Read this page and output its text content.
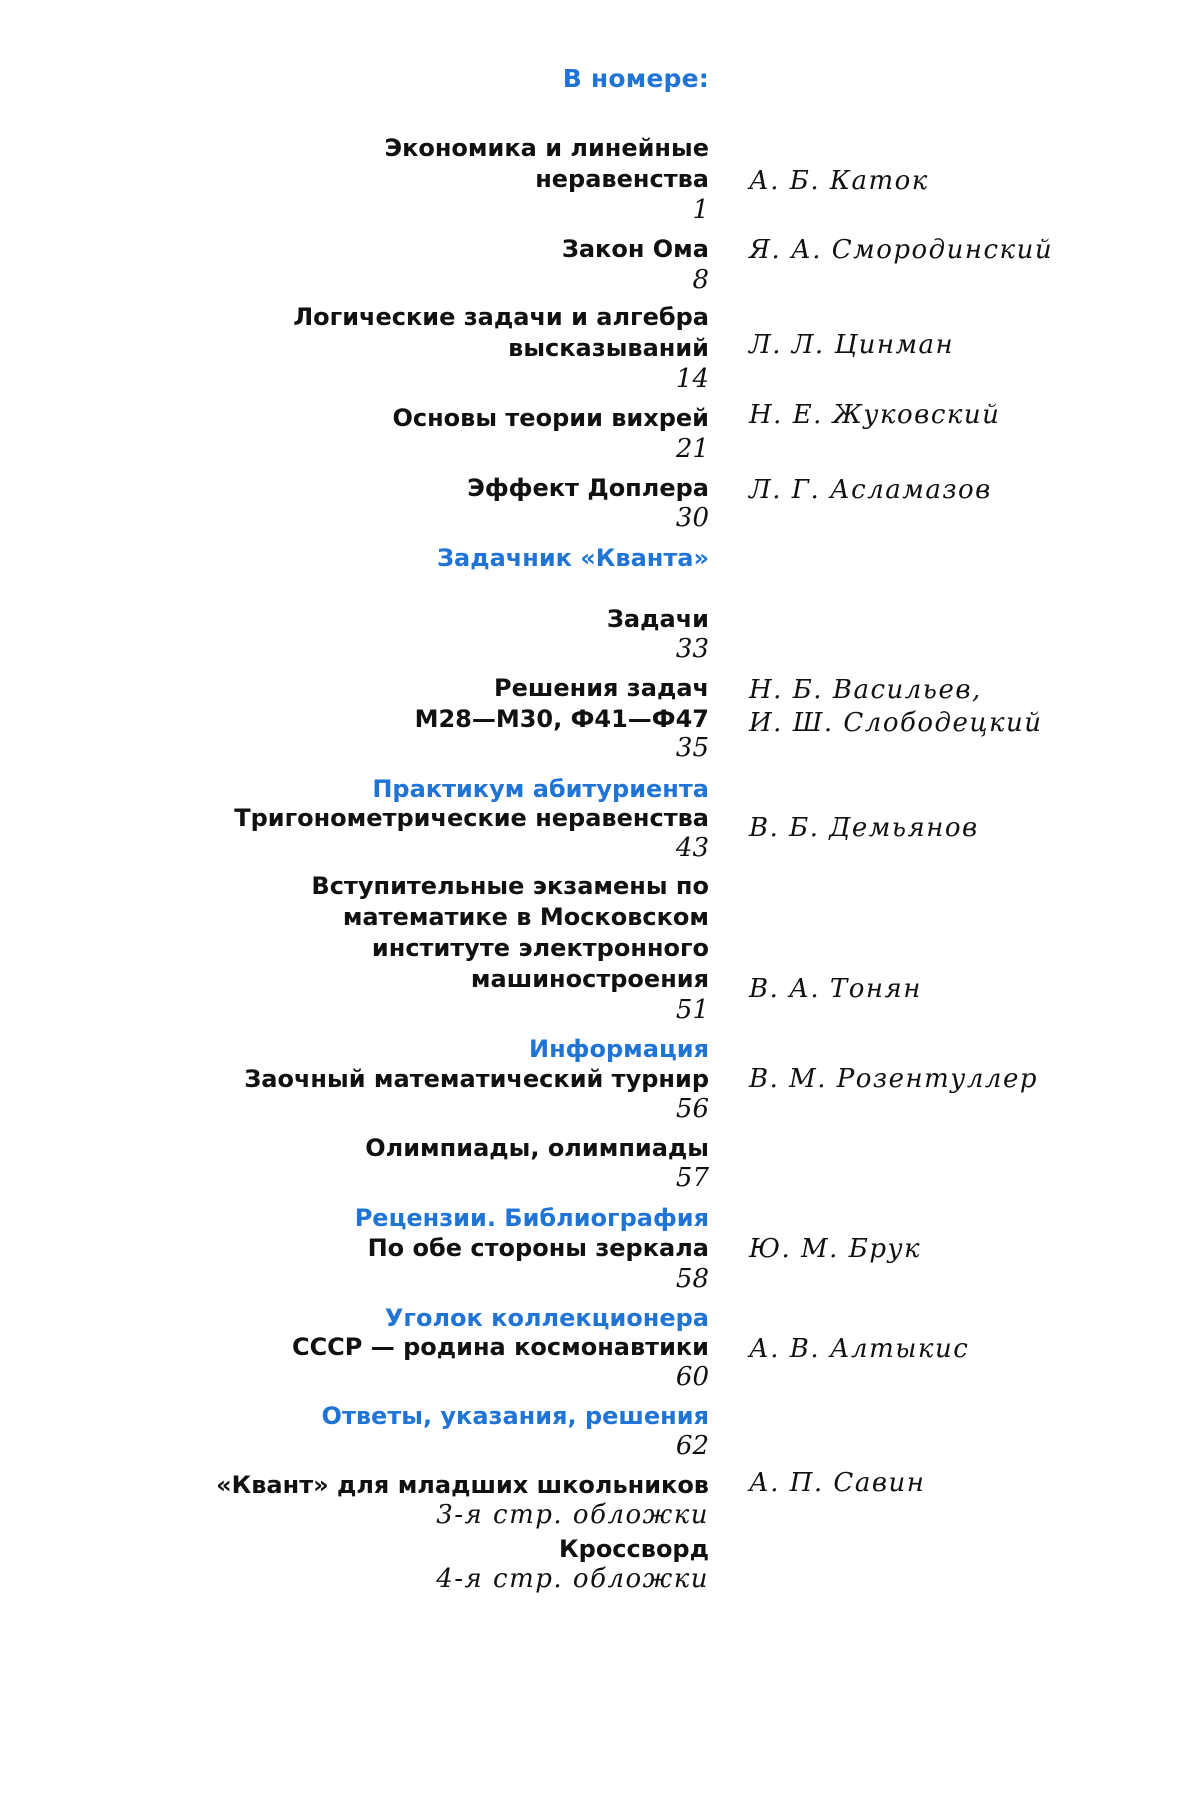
В номере:
Экономика и линейные
неравенства А. Б. Каток
1
Закон Ома Я. А. Смородинский
8
Логические задачи и алгебра
высказываний Л. Л. Цинман
14
Основы теории вихрей Н. Е. Жуковский
21
Эффект Доплера Л. Г. Асламазов
30
Задачник «Кванта»
Задачи
33
Решения задач
М28—М30, Ф41—Ф47
Н. Б. Васильев,
И. Ш. Слободецкий
35
Практикум абитуриента
Тригонометрические неравенства В. Б. Демьянов
43
Вступительные экзамены по
математике в Московском
институте электронного
машиностроения В. А. Тонян
51
Информация
Заочный математический турнир В. М. Розентуллер
56
Олимпиады, олимпиады
57
Рецензии. Библиография
По обе стороны зеркала Ю. М. Брук
58
Уголок коллекционера
СССР — родина космонавтики А. В. Алтыкис
60
Ответы, указания, решения
62
«Квант» для младших школьников А. П. Савин
3-я стр. обложки
Кроссворд
4-я стр. обложки
